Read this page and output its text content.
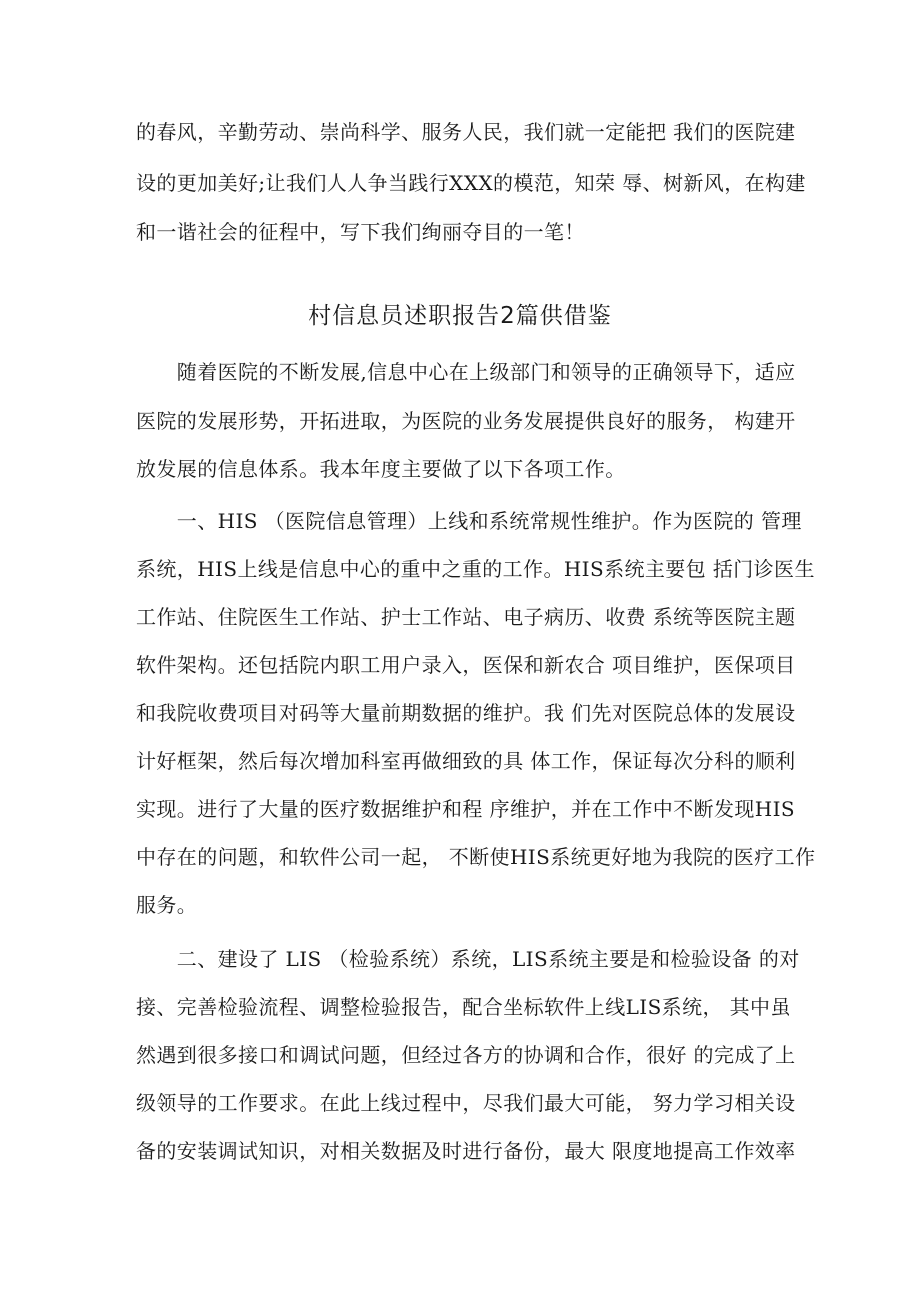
的春风，辛勤劳动、崇尚科学、服务人民，我们就一定能把 我们的医院建
设的更加美好;让我们人人争当践行XXX的模范，知荣 辱、树新风，在构建
和一谐社会的征程中，写下我们绚丽夺目的一笔！
村信息员述职报告2篇供借鉴
　　随着医院的不断发展,信息中心在上级部门和领导的正确领导下，适应
医院的发展形势，开拓进取，为医院的业务发展提供良好的服务， 构建开
放发展的信息体系。我本年度主要做了以下各项工作。
　　一、HIS （医院信息管理）上线和系统常规性维护。作为医院的 管理
系统，HIS上线是信息中心的重中之重的工作。HIS系统主要包 括门诊医生
工作站、住院医生工作站、护士工作站、电子病历、收费 系统等医院主题
软件架构。还包括院内职工用户录入，医保和新农合 项目维护，医保项目
和我院收费项目对码等大量前期数据的维护。我 们先对医院总体的发展设
计好框架，然后每次增加科室再做细致的具 体工作，保证每次分科的顺利
实现。进行了大量的医疗数据维护和程 序维护，并在工作中不断发现HIS
中存在的问题，和软件公司一起， 不断使HIS系统更好地为我院的医疗工作
服务。
　　二、建设了 LIS （检验系统）系统，LIS系统主要是和检验设备 的对
接、完善检验流程、调整检验报告，配合坐标软件上线LIS系统， 其中虽
然遇到很多接口和调试问题，但经过各方的协调和合作，很好 的完成了上
级领导的工作要求。在此上线过程中，尽我们最大可能， 努力学习相关设
备的安装调试知识，对相关数据及时进行备份，最大 限度地提高工作效率
